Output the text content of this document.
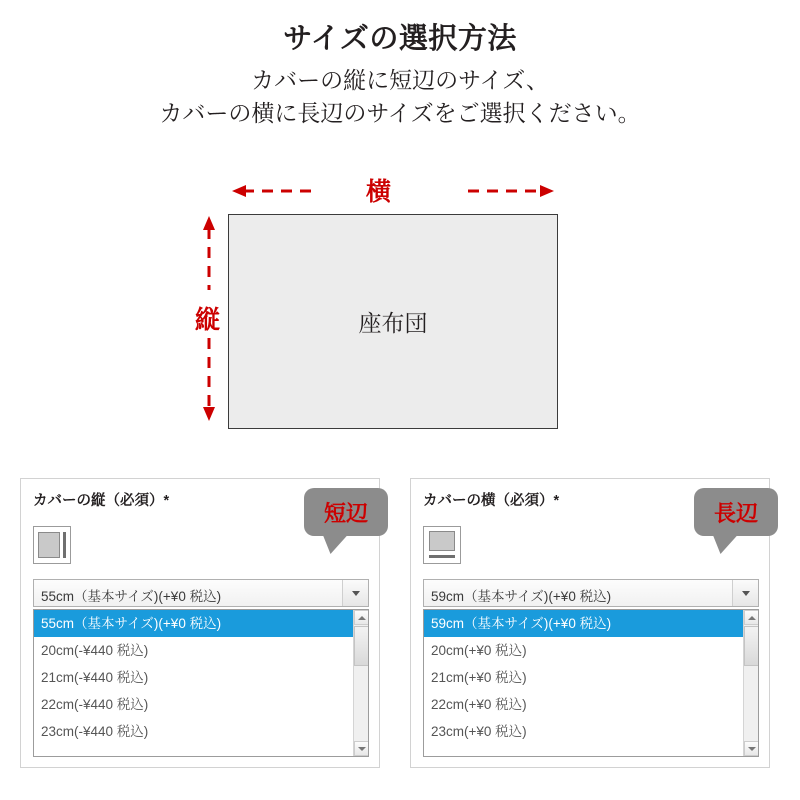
サイズの選択方法
カバーの縦に短辺のサイズ、
カバーの横に長辺のサイズをご選択ください。
横
縦	座布団
カバーの縦（必須）*
55cm（基本サイズ)(+¥0 税込)
55cm（基本サイズ)(+¥0 税込)
20cm(-¥440 税込)
21cm(-¥440 税込)
22cm(-¥440 税込)
23cm(-¥440 税込)
カバーの横（必須）*
59cm（基本サイズ)(+¥0 税込)
59cm（基本サイズ)(+¥0 税込)
20cm(+¥0 税込)
21cm(+¥0 税込)
22cm(+¥0 税込)
23cm(+¥0 税込)
短辺	長辺
